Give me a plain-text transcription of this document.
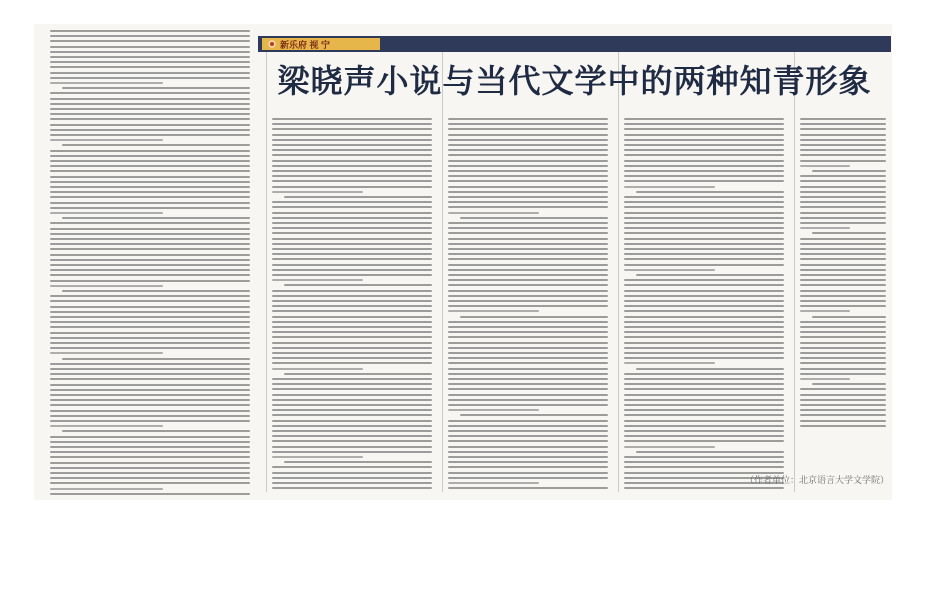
新乐府 视 宁
梁晓声小说与当代文学中的两种知青形象
（作者单位：北京语言大学文学院）
